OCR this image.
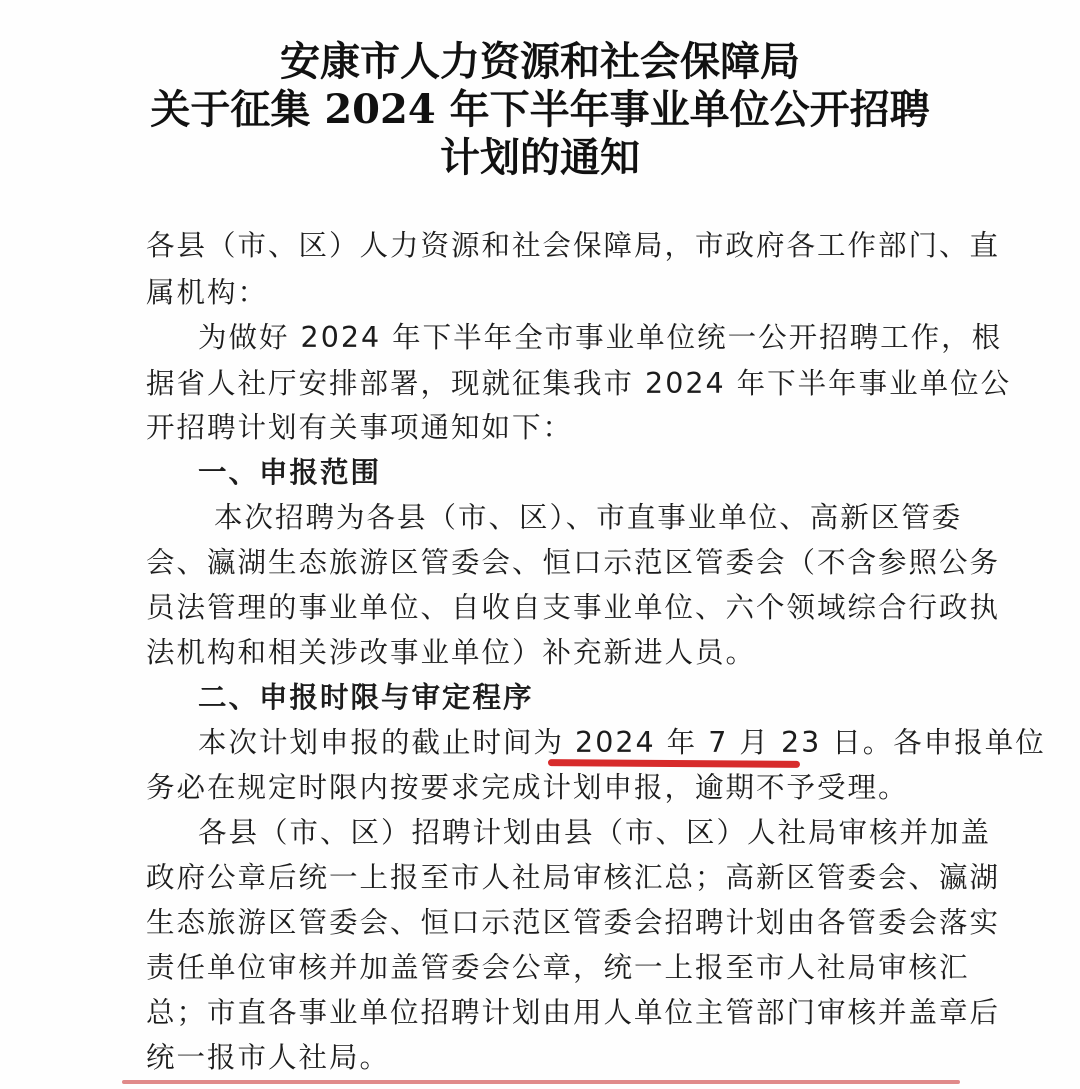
安康市人力资源和社会保障局
关于征集 2024 年下半年事业单位公开招聘
计划的通知
各县（市、区）人力资源和社会保障局，市政府各工作部门、直
属机构：
为做好 2024 年下半年全市事业单位统一公开招聘工作，根
据省人社厅安排部署，现就征集我市 2024 年下半年事业单位公
开招聘计划有关事项通知如下：
一、申报范围
本次招聘为各县（市、区）、市直事业单位、高新区管委
会、瀛湖生态旅游区管委会、恒口示范区管委会（不含参照公务
员法管理的事业单位、自收自支事业单位、六个领域综合行政执
法机构和相关涉改事业单位）补充新进人员。
二、申报时限与审定程序
本次计划申报的截止时间为 2024 年 7 月 23 日。各申报单位
务必在规定时限内按要求完成计划申报，逾期不予受理。
各县（市、区）招聘计划由县（市、区）人社局审核并加盖
政府公章后统一上报至市人社局审核汇总；高新区管委会、瀛湖
生态旅游区管委会、恒口示范区管委会招聘计划由各管委会落实
责任单位审核并加盖管委会公章，统一上报至市人社局审核汇
总；市直各事业单位招聘计划由用人单位主管部门审核并盖章后
统一报市人社局。
